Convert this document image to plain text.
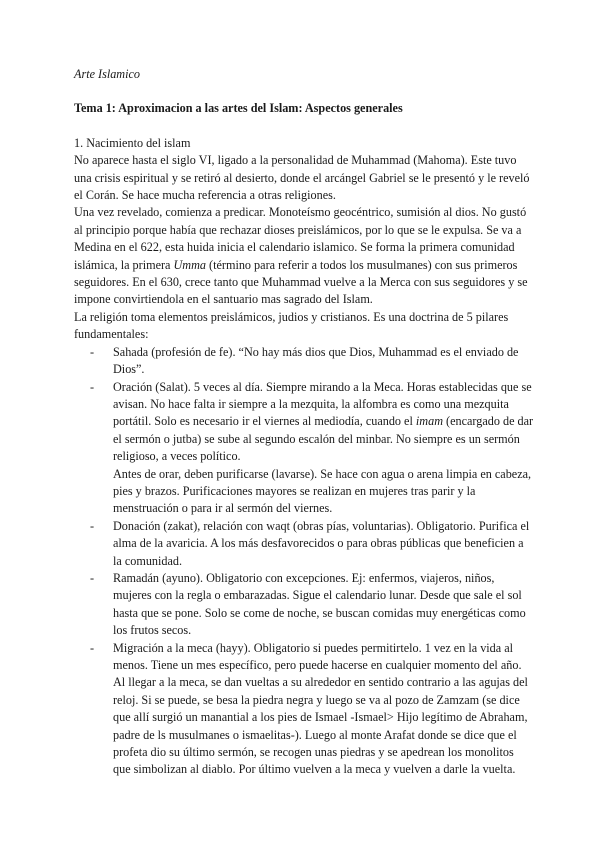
Arte Islamico

Tema 1: Aproximacion a las artes del Islam: Aspectos generales

1. Nacimiento del islam

No aparece hasta el siglo VI, ligado a la personalidad de Muhammad (Mahoma). Este tuvo una crisis espiritual y se retiró al desierto, donde el arcángel Gabriel se le presentó y le reveló el Corán. Se hace mucha referencia a otras religiones.

Una vez revelado, comienza a predicar. Monoteísmo geocéntrico, sumisión al dios. No gustó al principio porque había que rechazar dioses preislámicos, por lo que se le expulsa. Se va a Medina en el 622, esta huida inicia el calendario islamico. Se forma la primera comunidad islámica, la primera Umma (término para referir a todos los musulmanes) con sus primeros seguidores. En el 630, crece tanto que Muhammad vuelve a la Merca con sus seguidores y se impone convirtiendola en el santuario mas sagrado del Islam.

La religión toma elementos preislámicos, judios y cristianos. Es una doctrina de 5 pilares fundamentales:

- Sahada (profesión de fe). “No hay más dios que Dios, Muhammad es el enviado de Dios”.

- Oración (Salat). 5 veces al día. Siempre mirando a la Meca. Horas establecidas que se avisan. No hace falta ir siempre a la mezquita, la alfombra es como una mezquita portátil. Solo es necesario ir el viernes al mediodía, cuando el imam (encargado de dar el sermón o jutba) se sube al segundo escalón del minbar. No siempre es un sermón religioso, a veces político.

Antes de orar, deben purificarse (lavarse). Se hace con agua o arena limpia en cabeza, pies y brazos. Purificaciones mayores se realizan en mujeres tras parir y la menstruación o para ir al sermón del viernes.

- Donación (zakat), relación con waqt (obras pías, voluntarias). Obligatorio. Purifica el alma de la avaricia. A los más desfavorecidos o para obras públicas que beneficien a la comunidad.

- Ramadán (ayuno). Obligatorio con excepciones. Ej: enfermos, viajeros, niños, mujeres con la regla o embarazadas. Sigue el calendario lunar. Desde que sale el sol hasta que se pone. Solo se come de noche, se buscan comidas muy energéticas como los frutos secos.

- Migración a la meca (hayy). Obligatorio si puedes permitirtelo. 1 vez en la vida al menos. Tiene un mes específico, pero puede hacerse en cualquier momento del año.

Al llegar a la meca, se dan vueltas a su alrededor en sentido contrario a las agujas del reloj. Si se puede, se besa la piedra negra y luego se va al pozo de Zamzam (se dice que allí surgió un manantial a los pies de Ismael -Ismael> Hijo legítimo de Abraham, padre de ls musulmanes o ismaelitas-). Luego al monte Arafat donde se dice que el profeta dio su último sermón, se recogen unas piedras y se apedrean los monolitos que simbolizan al diablo. Por último vuelven a la meca y vuelven a darle la vuelta.
